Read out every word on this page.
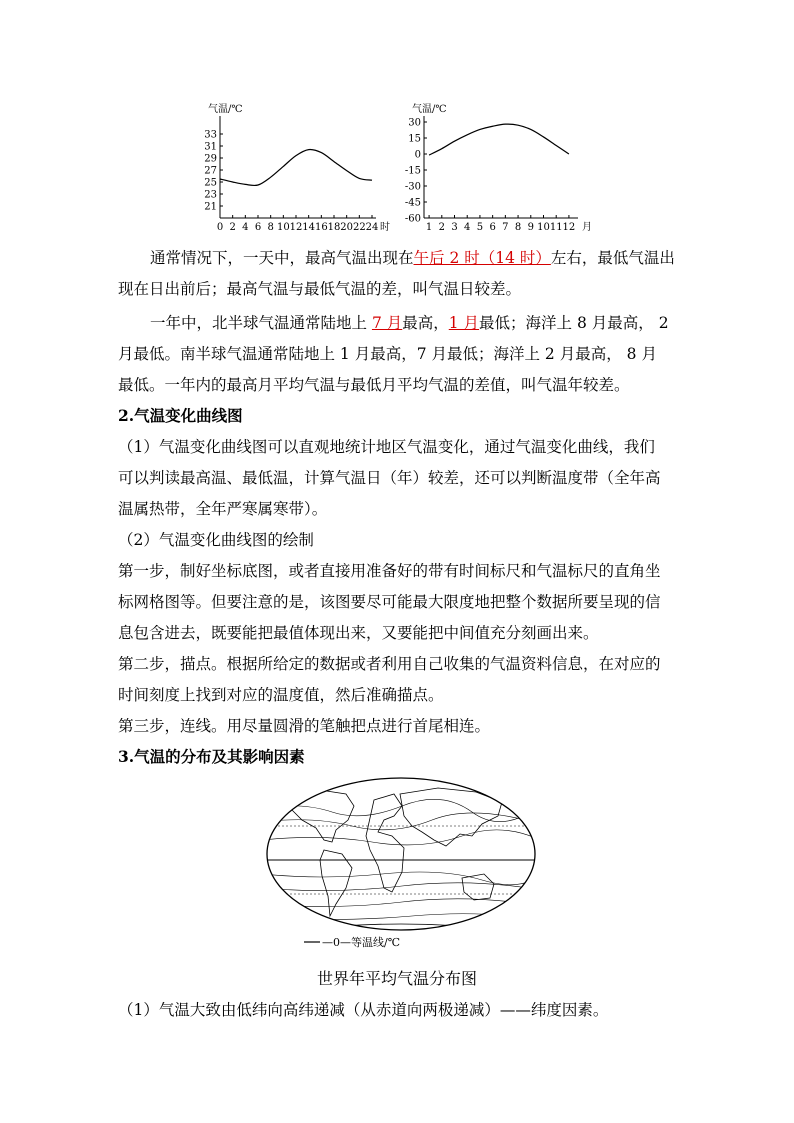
气温/℃
21
23
25
27
29
31
33
0 2 4 6 8 10 12 14 16 18 20 22 24 时
气温/℃
-60
-45
-30
-15
0
15
30
1 2 3 4 5 6 7 8 9 10 11 12 月
通常情况下，一天中，最高气温出现在午后 2 时（14 时）左右，最低气温出
现在日出前后；最高气温与最低气温的差，叫气温日较差。
一年中，北半球气温通常陆地上 7 月最高，1 月最低；海洋上 8 月最高， 2
月最低。南半球气温通常陆地上 1 月最高，7 月最低；海洋上 2 月最高， 8 月
最低。一年内的最高月平均气温与最低月平均气温的差值，叫气温年较差。
2.气温变化曲线图
（1）气温变化曲线图可以直观地统计地区气温变化，通过气温变化曲线，我们
可以判读最高温、最低温，计算气温日（年）较差，还可以判断温度带（全年高
温属热带，全年严寒属寒带）。
（2）气温变化曲线图的绘制
第一步，制好坐标底图，或者直接用准备好的带有时间标尺和气温标尺的直角坐
标网格图等。但要注意的是，该图要尽可能最大限度地把整个数据所要呈现的信
息包含进去，既要能把最值体现出来，又要能把中间值充分刻画出来。
第二步，描点。根据所给定的数据或者利用自己收集的气温资料信息，在对应的
时间刻度上找到对应的温度值，然后准确描点。
第三步，连线。用尽量圆滑的笔触把点进行首尾相连。
3.气温的分布及其影响因素
—0—等温线/℃
世界年平均气温分布图
（1）气温大致由低纬向高纬递减（从赤道向两极递减）——纬度因素。
